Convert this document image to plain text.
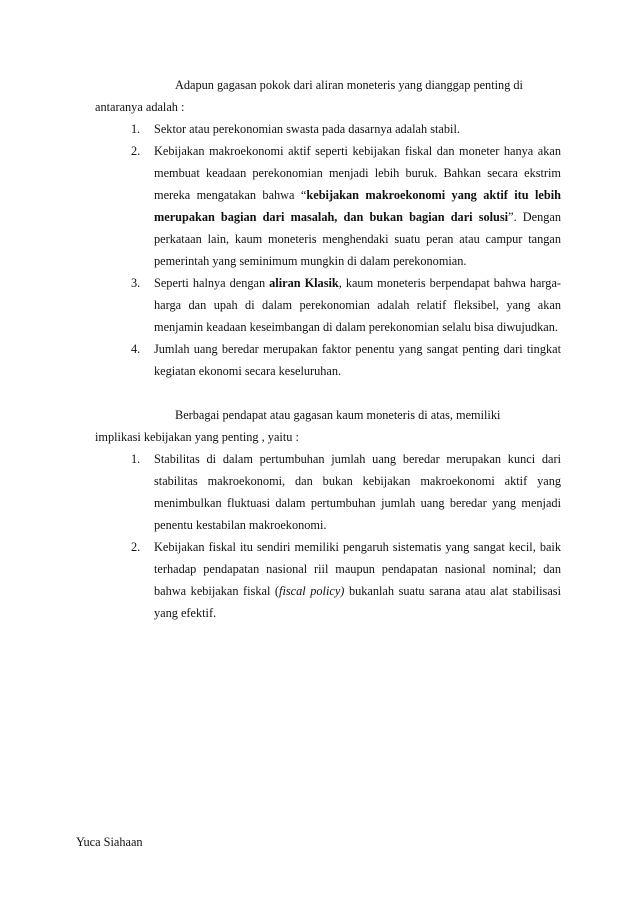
Adapun gagasan pokok dari aliran moneteris yang dianggap penting di

antaranya adalah :

1. Sektor atau perekonomian swasta pada dasarnya adalah stabil.
2. Kebijakan makroekonomi aktif seperti kebijakan fiskal dan moneter hanya akan membuat keadaan perekonomian menjadi lebih buruk. Bahkan secara ekstrim mereka mengatakan bahwa “kebijakan makroekonomi yang aktif itu lebih merupakan bagian dari masalah, dan bukan bagian dari solusi”. Dengan perkataan lain, kaum moneteris menghendaki suatu peran atau campur tangan pemerintah yang seminimum mungkin di dalam perekonomian.
3. Seperti halnya dengan aliran Klasik, kaum moneteris berpendapat bahwa harga-harga dan upah di dalam perekonomian adalah relatif fleksibel, yang akan menjamin keadaan keseimbangan di dalam perekonomian selalu bisa diwujudkan.
4. Jumlah uang beredar merupakan faktor penentu yang sangat penting dari tingkat kegiatan ekonomi secara keseluruhan.

Berbagai pendapat atau gagasan kaum moneteris di atas, memiliki

implikasi kebijakan yang penting , yaitu :

1. Stabilitas di dalam pertumbuhan jumlah uang beredar merupakan kunci dari stabilitas makroekonomi, dan bukan kebijakan makroekonomi aktif yang menimbulkan fluktuasi dalam pertumbuhan jumlah uang beredar yang menjadi penentu kestabilan makroekonomi.
2. Kebijakan fiskal itu sendiri memiliki pengaruh sistematis yang sangat kecil, baik terhadap pendapatan nasional riil maupun pendapatan nasional nominal; dan bahwa kebijakan fiskal (fiscal policy) bukanlah suatu sarana atau alat stabilisasi yang efektif.
Yuca Siahaan
